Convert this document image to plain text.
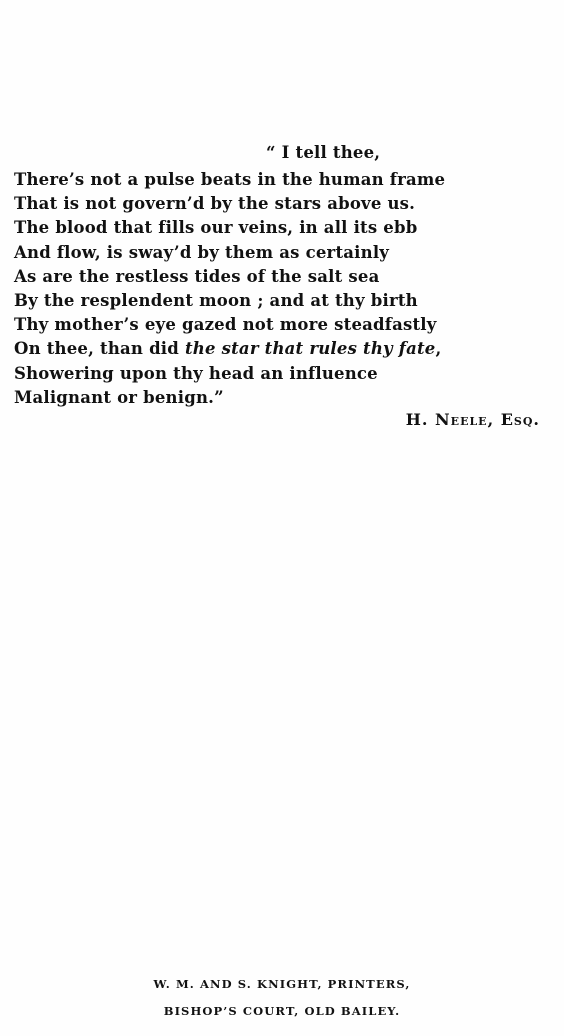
“ I tell thee,
There’s not a pulse beats in the human frame
That is not govern’d by the stars above us.
The blood that fills our veins, in all its ebb
And flow, is sway’d by them as certainly
As are the restless tides of the salt sea
By the resplendent moon ; and at thy birth
Thy mother’s eye gazed not more steadfastly
On thee, than did the star that rules thy fate,
Showering upon thy head an influence
Malignant or benign.”
H. Neele, Esq.
W. M. AND S. KNIGHT, PRINTERS,
BISHOP’S COURT, OLD BAILEY.
